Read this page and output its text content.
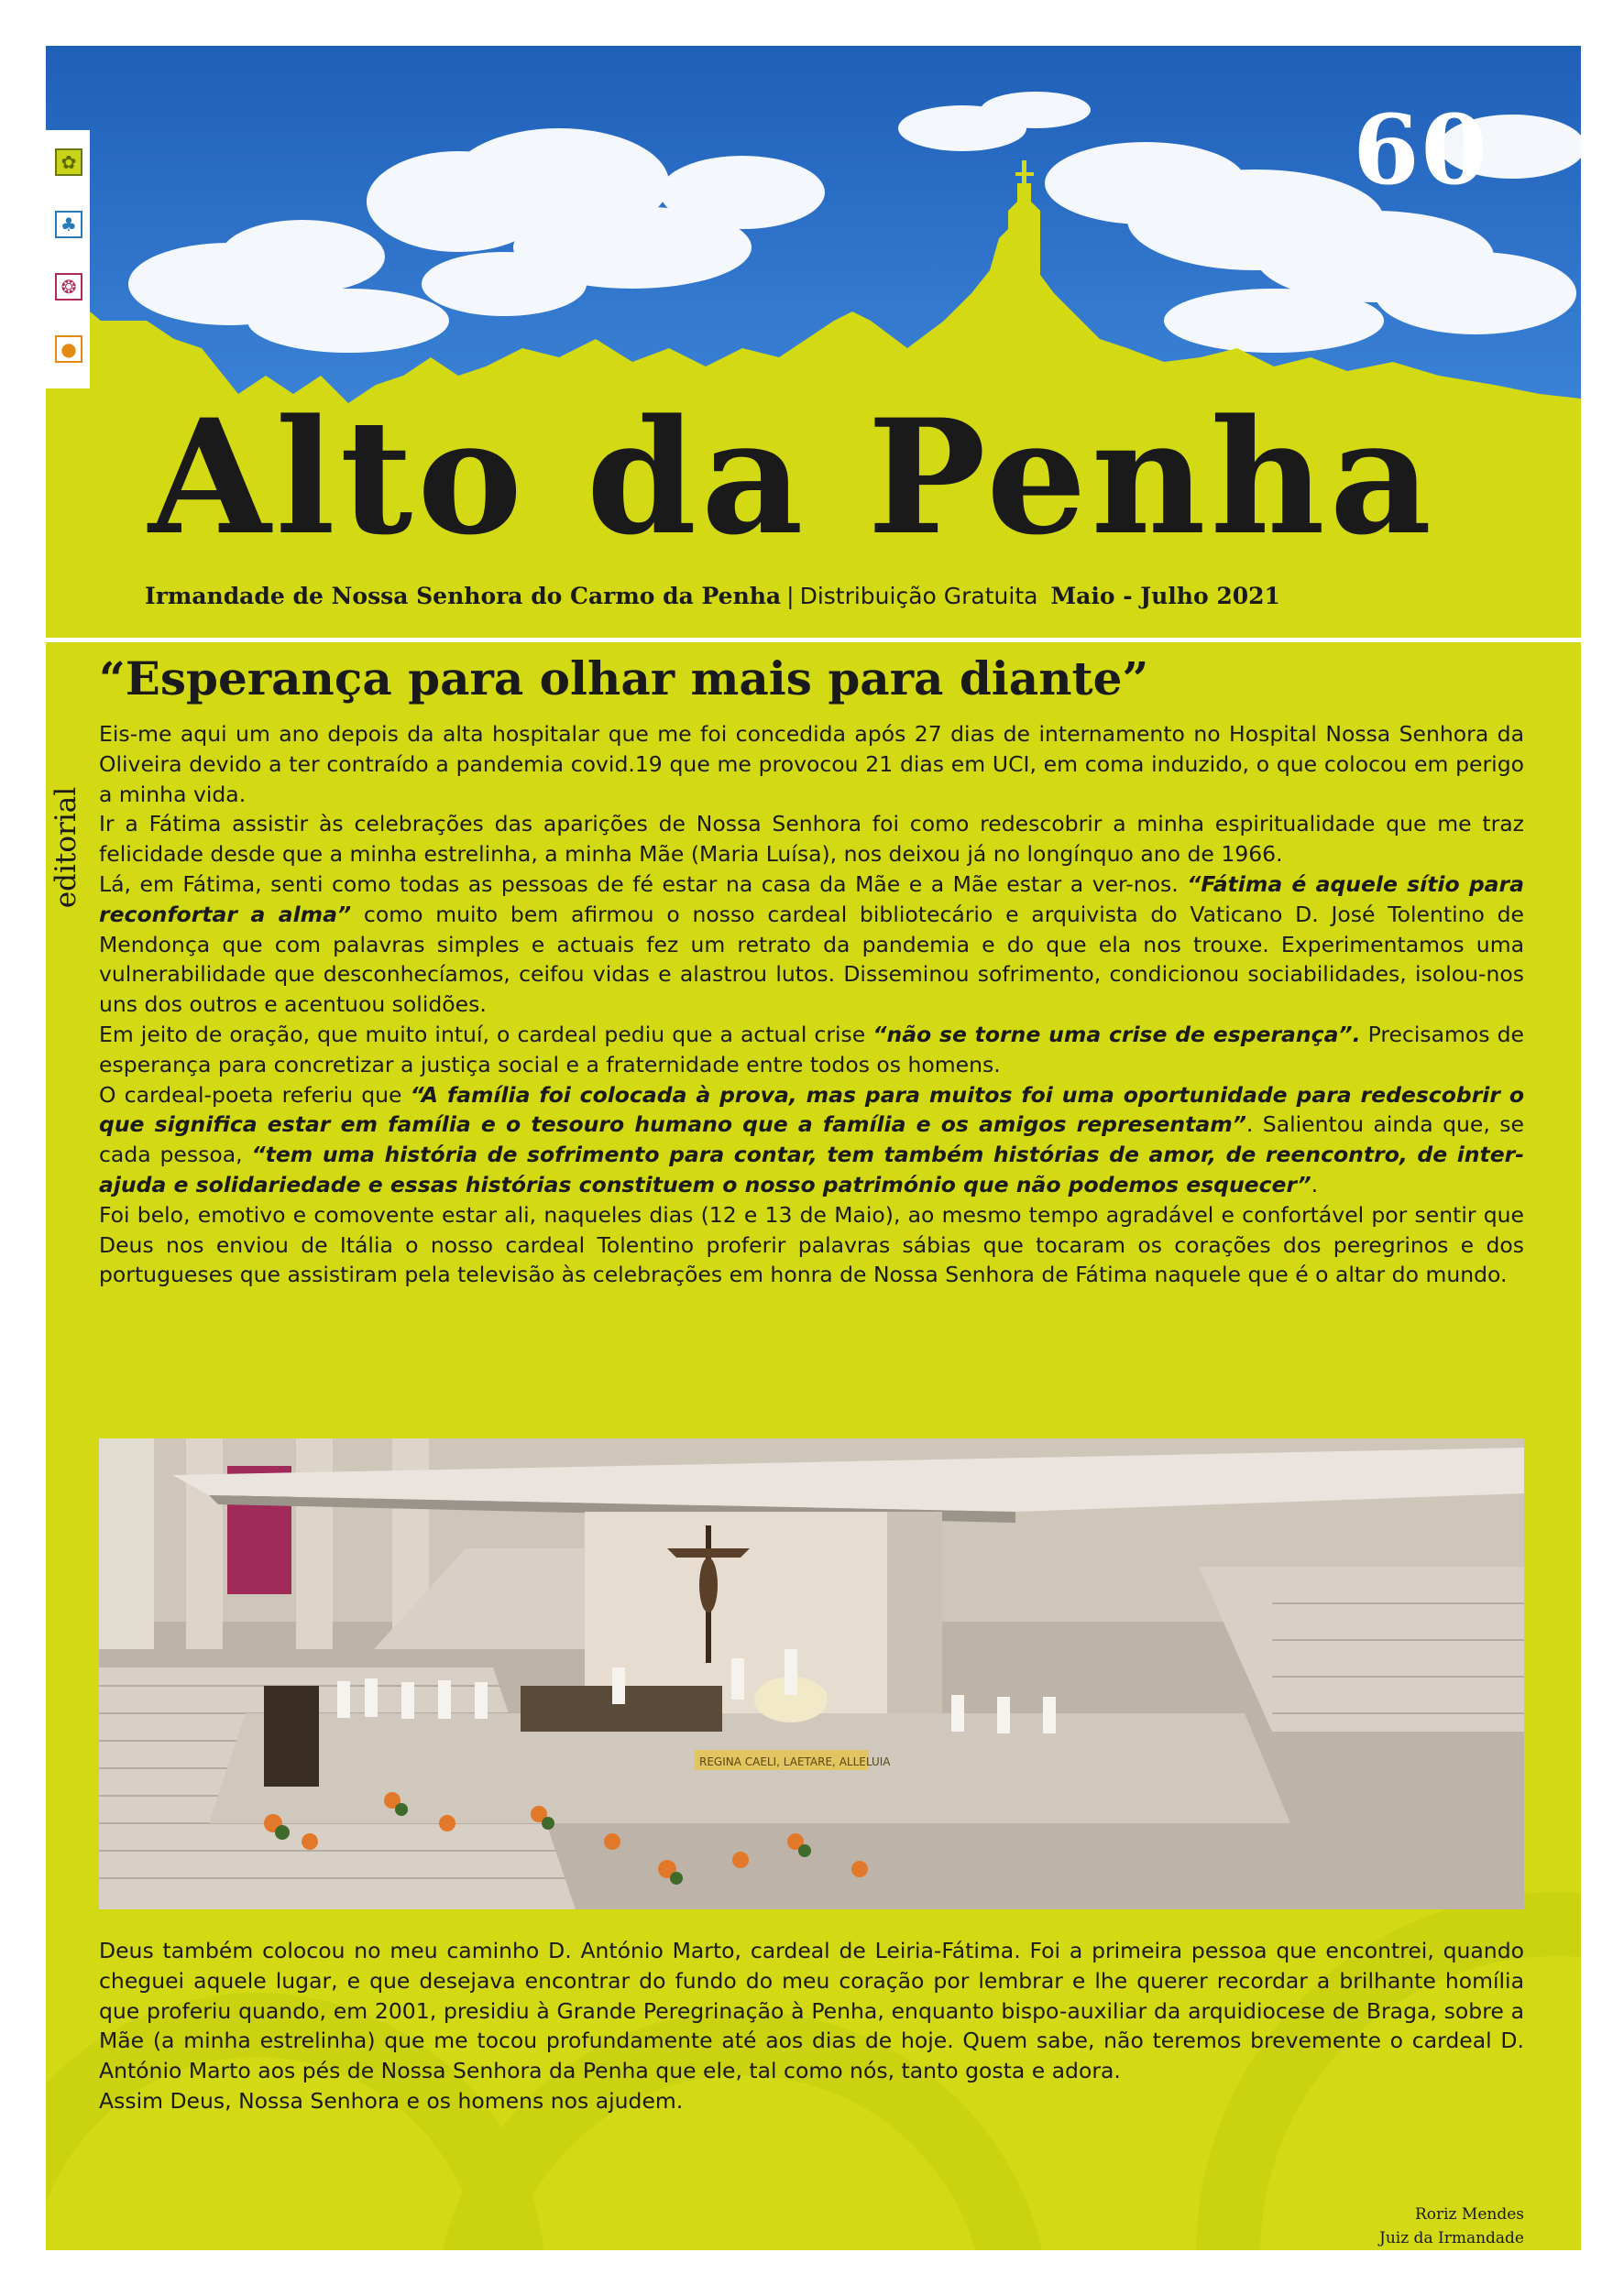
60
✿
♣
❂
●
Alto da Penha
Irmandade de Nossa Senhora do Carmo da Penha | Distribuição Gratuita Maio - Julho 2021
editorial
“Esperança para olhar mais para diante”

Eis-me aqui um ano depois da alta hospitalar que me foi concedida após 27 dias de internamento no Hospital Nossa Senhora da Oliveira devido a ter contraído a pandemia covid.19 que me provocou 21 dias em UCI, em coma induzido, o que colocou em perigo a minha vida.

Ir a Fátima assistir às celebrações das aparições de Nossa Senhora foi como redescobrir a minha espiritualidade que me traz felicidade desde que a minha estrelinha, a minha Mãe (Maria Luísa), nos deixou já no longínquo ano de 1966.

Lá, em Fátima, senti como todas as pessoas de fé estar na casa da Mãe e a Mãe estar a ver-nos. “Fátima é aquele sítio para reconfortar a alma” como muito bem afirmou o nosso cardeal bibliotecário e arquivista do Vaticano D. José Tolentino de Mendonça que com palavras simples e actuais fez um retrato da pandemia e do que ela nos trouxe. Experimentamos uma vulnerabilidade que desconhecíamos, ceifou vidas e alastrou lutos. Disseminou sofrimento, condicionou sociabilidades, isolou-nos uns dos outros e acentuou solidões.

Em jeito de oração, que muito intuí, o cardeal pediu que a actual crise “não se torne uma crise de esperança”. Precisamos de esperança para concretizar a justiça social e a fraternidade entre todos os homens.

O cardeal-poeta referiu que “A família foi colocada à prova, mas para muitos foi uma oportunidade para redescobrir o que significa estar em família e o tesouro humano que a família e os amigos representam”. Salientou ainda que, se cada pessoa, “tem uma história de sofrimento para contar, tem também histórias de amor, de reencontro, de inter-ajuda e solidariedade e essas histórias constituem o nosso património que não podemos esquecer”.

Foi belo, emotivo e comovente estar ali, naqueles dias (12 e 13 de Maio), ao mesmo tempo agradável e confortável por sentir que Deus nos enviou de Itália o nosso cardeal Tolentino proferir palavras sábias que tocaram os corações dos peregrinos e dos portugueses que assistiram pela televisão às celebrações em honra de Nossa Senhora de Fátima naquele que é o altar do mundo.

REGINA CAELI, LAETARE, ALLELUIA

Deus também colocou no meu caminho D. António Marto, cardeal de Leiria-Fátima. Foi a primeira pessoa que encontrei, quando cheguei aquele lugar, e que desejava encontrar do fundo do meu coração por lembrar e lhe querer recordar a brilhante homília que proferiu quando, em 2001, presidiu à Grande Peregrinação à Penha, enquanto bispo-auxiliar da arquidiocese de Braga, sobre a Mãe (a minha estrelinha) que me tocou profundamente até aos dias de hoje. Quem sabe, não teremos brevemente o cardeal D. António Marto aos pés de Nossa Senhora da Penha que ele, tal como nós, tanto gosta e adora.

Assim Deus, Nossa Senhora e os homens nos ajudem.

Roriz Mendes
Juiz da Irmandade
